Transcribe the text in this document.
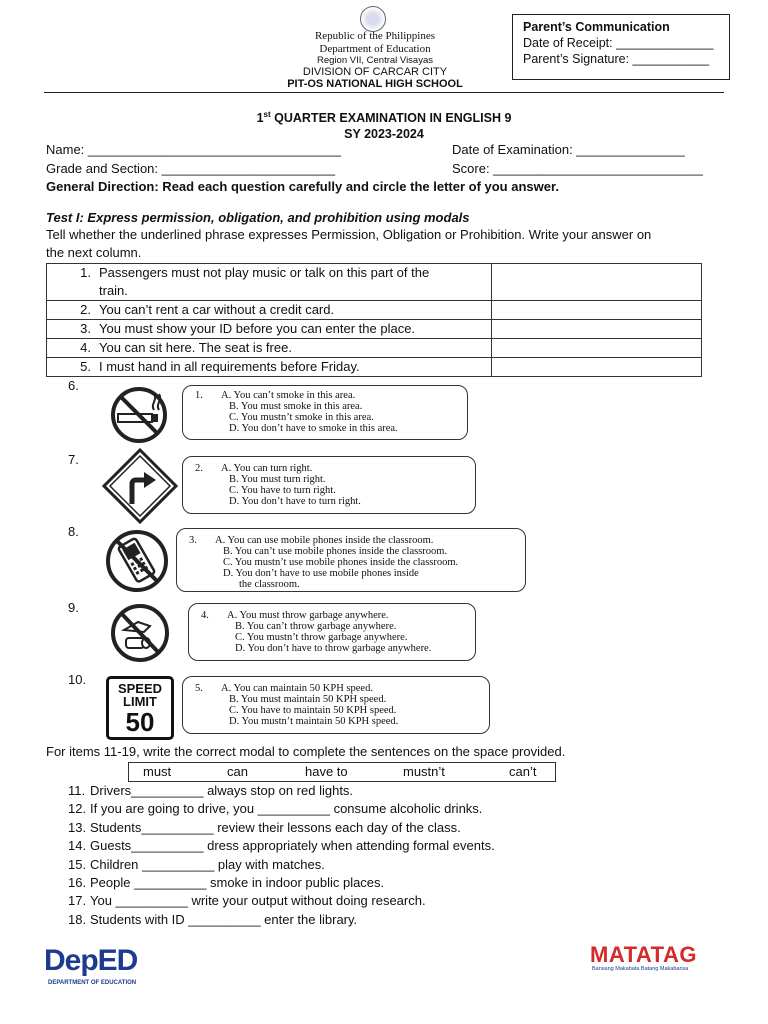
Republic of the Philippines
Department of Education
Region VII, Central Visayas
DIVISION OF CARCAR CITY
PIT-OS NATIONAL HIGH SCHOOL
Parent’s Communication
Date of Receipt: ______________
Parent’s Signature: ___________
1st QUARTER EXAMINATION IN ENGLISH 9
SY 2023-2024
Name: ___________________________________	Date of Examination: _______________
Grade and Section: ________________________	Score: _____________________________
General Direction: Read each question carefully and circle the letter of you answer.
Test I: Express permission, obligation, and prohibition using modals
Tell whether the underlined phrase expresses Permission, Obligation or Prohibition. Write your answer on
the next column.
1. Passengers must not play music or talk on this part of the
train.	
2. You can’t rent a car without a credit card.	
3. You must show your ID before you can enter the place.	
4. You can sit here. The seat is free.	
5. I must hand in all requirements before Friday.	
6.
1. A. You can’t smoke in this area.
B. You must smoke in this area.
C. You mustn’t smoke in this area.
D. You don’t have to smoke in this area.
7.
2. A. You can turn right.
B. You must turn right.
C. You have to turn right.
D. You don’t have to turn right.
8.
3. A. You can use mobile phones inside the classroom.
B. You can’t use mobile phones inside the classroom.
C. You mustn’t use mobile phones inside the classroom.
D. You don’t have to use mobile phones inside
the classroom.
9.
4. A. You must throw garbage anywhere.
B. You can’t throw garbage anywhere.
C. You mustn’t throw garbage anywhere.
D. You don’t have to throw garbage anywhere.
10.
SPEED
LIMIT
50
5. A. You can maintain 50 KPH speed.
B. You must maintain 50 KPH speed.
C. You have to maintain 50 KPH speed.
D. You mustn’t maintain 50 KPH speed.
For items 11-19, write the correct modal to complete the sentences on the space provided.
must	can	have to	mustn’t	can’t
11. Drivers__________ always stop on red lights.
12. If you are going to drive, you __________ consume alcoholic drinks.
13. Students__________ review their lessons each day of the class.
14. Guests__________ dress appropriately when attending formal events.
15. Children __________ play with matches.
16. People __________ smoke in indoor public places.
17. You __________ write your output without doing research.
18. Students with ID __________ enter the library.
DepED
DEPARTMENT OF EDUCATION
MATATAG
Bansang Makabata Batang Makabansa
